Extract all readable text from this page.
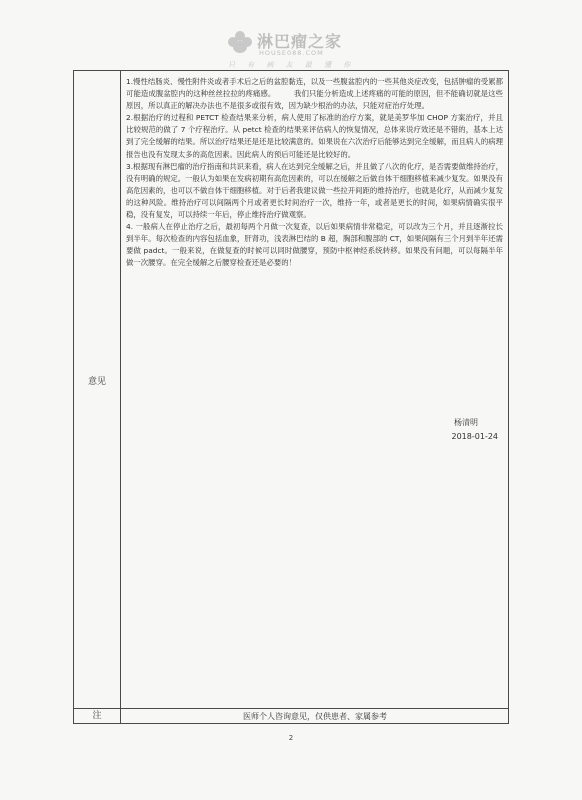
淋巴瘤之家
HOUSE088.COM
只 有 病 友 最 懂 你
意见

1.慢性结肠炎、慢性附件炎或者手术后之后的盆腔黏连，以及一些腹盆腔内的一些其他炎症改变，包括肿瘤的受累都可能造成腹盆腔内的这种丝丝拉拉的疼痛感。　　　我们只能分析造成上述疼痛的可能的原因，但不能确切就是这些原因，所以真正的解决办法也不是很多或很有效，因为缺少根治的办法，只能对症治疗处理。

2.根据治疗的过程和 PETCT 检查结果来分析，病人使用了标准的治疗方案，就是美罗华加 CHOP 方案治疗，并且比较规范的做了 7 个疗程治疗。从 petct 检查的结果来评估病人的恢复情况，总体来说疗效还是不错的，基本上达到了完全缓解的结果。所以治疗结果还是还是比较满意的。如果说在六次治疗后能够达到完全缓解，而且病人的病理报告也没有发现太多的高危因素。因此病人的预后可能还是比较好的。

3.根据现有淋巴瘤的治疗指南和共识来看，病人在达到完全缓解之后，并且做了八次的化疗，是否需要做维持治疗，没有明确的规定。一般认为如果在发病初期有高危因素的，可以在缓解之后做自体干细胞移植来减少复发。如果没有高危因素的，也可以不做自体干细胞移植。对于后者我建议做一些拉开间距的维持治疗，也就是化疗，从而减少复发的这种风险。维持治疗可以间隔两个月或者更长时间治疗一次，维持一年，或者是更长的时间，如果病情确实很平稳，没有复发，可以持续一年后，停止维持治疗做观察。

4. 一般病人在停止治疗之后，最初每两个月做一次复查，以后如果病情非常稳定，可以改为三个月，并且逐渐拉长到半年。每次检查的内容包括血象，肝肾功，浅表淋巴结的 B 超，胸部和腹部的 CT，如果间隔有三个月到半年还需要做 padct。一般来说，在做复查的时候可以同时做腰穿，预防中枢神经系统转移。如果没有问题，可以每隔半年做一次腰穿。在完全缓解之后腰穿检查还是必要的！

杨清明
2018-01-24
注	医师个人咨询意见，仅供患者、家属参考
2
